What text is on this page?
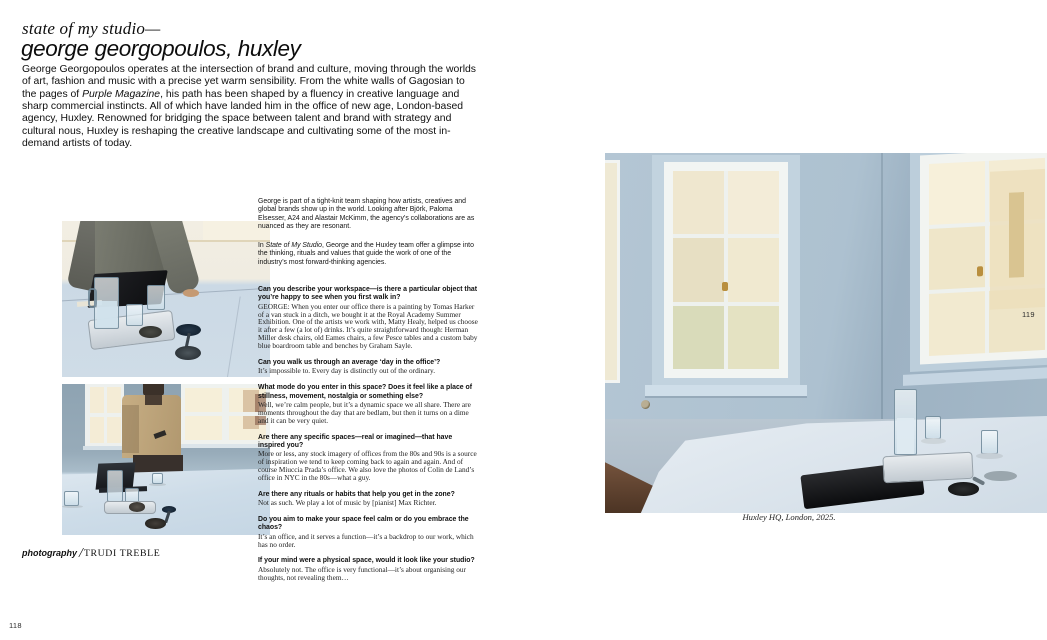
state of my studio—
george georgopoulos, huxley

George Georgopoulos operates at the intersection of brand and culture, moving through the worlds of art, fashion and music with a precise yet warm sensibility. From the white walls of Gagosian to the pages of Purple Magazine, his path has been shaped by a fluency in creative language and sharp commercial instincts. All of which have landed him in the office of new age, London-based agency, Huxley. Renowned for bridging the space between talent and brand with strategy and cultural nous, Huxley is reshaping the creative landscape and cultivating some of the most in-demand artists of today.

George is part of a tight-knit team shaping how artists, creatives and global brands show up in the world. Looking after Björk, Paloma Elsesser, A24 and Alastair McKimm, the agency’s collaborations are as nuanced as they are resonant.

In State of My Studio, George and the Huxley team offer a glimpse into the thinking, rituals and values that guide the work of one of the industry’s most forward-thinking agencies.

Can you describe your workspace—is there a particular object that you’re happy to see when you first walk in?

GEORGE: When you enter our office there is a painting by Tomas Harker of a van stuck in a ditch, we bought it at the Royal Academy Summer Exhibition. One of the artists we work with, Matty Healy, helped us choose it after a few (a lot of) drinks. It’s quite straightforward though: Herman Miller desk chairs, old Eames chairs, a few Pesce tables and a custom baby blue boardroom table and benches by Graham Sayle.

Can you walk us through an average ‘day in the office’?

It’s impossible to. Every day is distinctly out of the ordinary.

What mode do you enter in this space? Does it feel like a place of stillness, movement, nostalgia or something else?

Well, we’re calm people, but it’s a dynamic space we all share. There are moments throughout the day that are bedlam, but then it turns on a dime and it can be very quiet.

Are there any specific spaces—real or imagined—that have inspired you?

More or less, any stock imagery of offices from the 80s and 90s is a source of inspiration we tend to keep coming back to again and again. And of course Miuccia Prada’s office. We also love the photos of Colin de Land’s office in NYC in the 80s—what a guy.

Are there any rituals or habits that help you get in the zone?

Not as such. We play a lot of music by [pianist] Max Richter.

Do you aim to make your space feel calm or do you embrace the chaos?

It’s an office, and it serves a function—it’s a backdrop to our work, which has no order.

If your mind were a physical space, would it look like your studio?

Absolutely not. The office is very functional—it’s about organising our thoughts, not revealing them…

Huxley HQ, London, 2025.
photography /TRUDI TREBLE
118
119
